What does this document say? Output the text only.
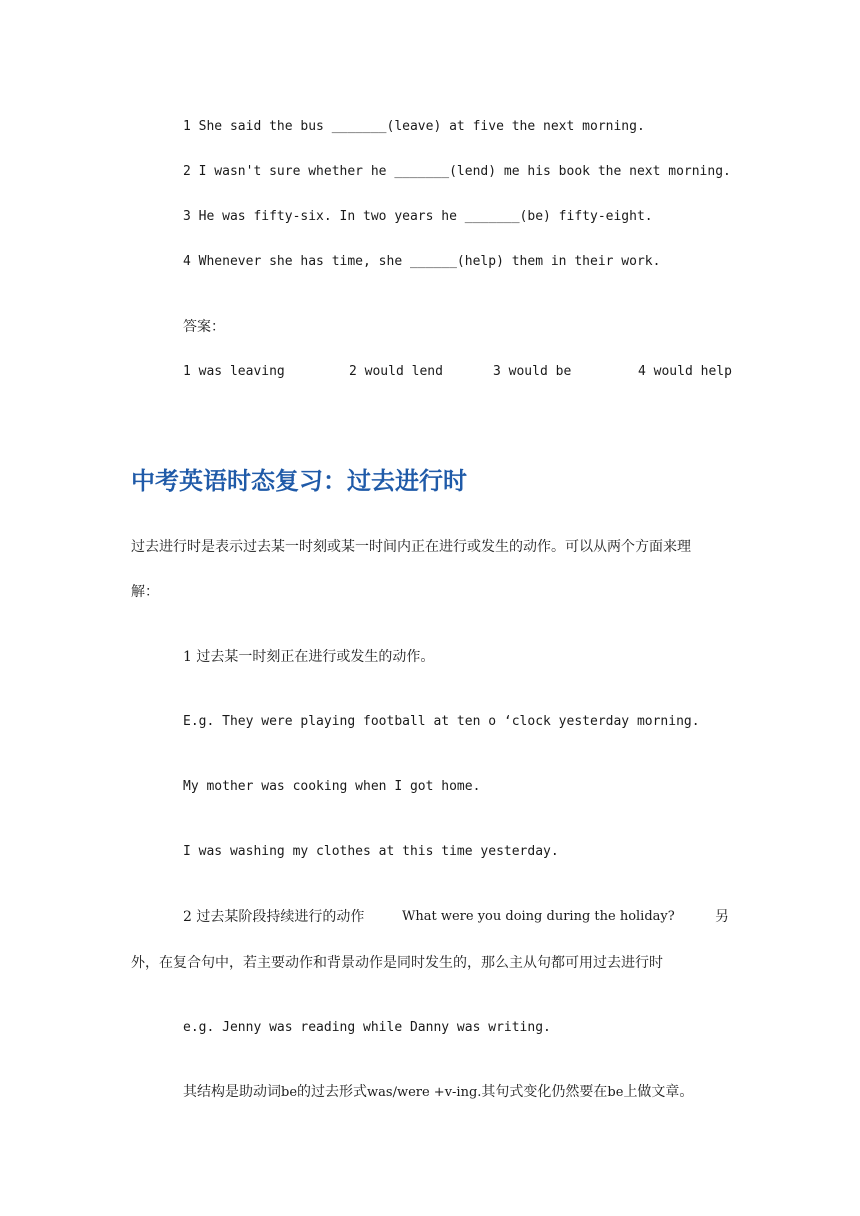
1 She said the bus _______(leave) at five the next morning.
2 I wasn't sure whether he _______(lend) me his book the next morning.
3 He was fifty-six. In two years he _______(be) fifty-eight.
4 Whenever she has time, she ______(help) them in their work.
答案：
1 was leaving	2 would lend	3 would be	4 would help
中考英语时态复习：过去进行时
过去进行时是表示过去某一时刻或某一时间内正在进行或发生的动作。可以从两个方面来理
解：
1 过去某一时刻正在进行或发生的动作。
E.g. They were playing football at ten o ‘clock yesterday morning.
My mother was cooking when I got home.
I was washing my clothes at this time yesterday.
2 过去某阶段持续进行的动作	What were you doing during the holiday?	另
外，在复合句中，若主要动作和背景动作是同时发生的，那么主从句都可用过去进行时
e.g. Jenny was reading while Danny was writing.
其结构是助动词be的过去形式was/were +v-ing.其句式变化仍然要在be上做文章。
